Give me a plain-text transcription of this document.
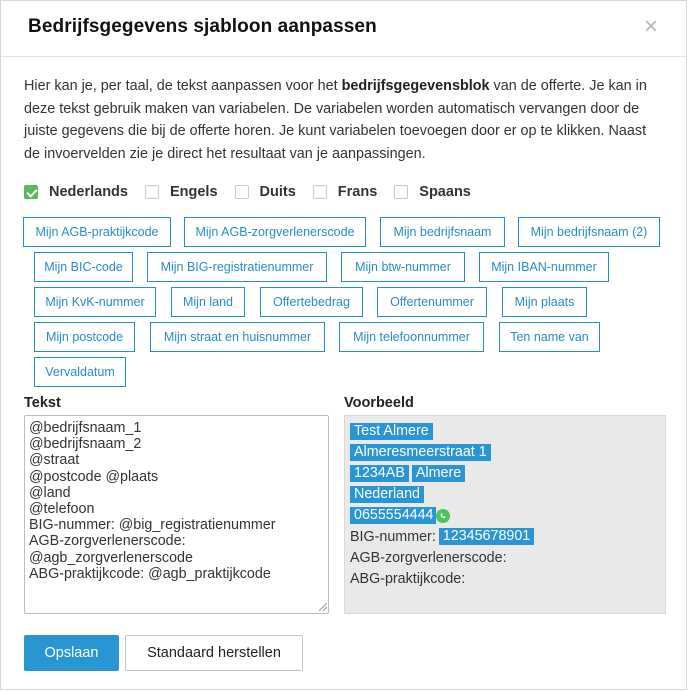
Bedrijfsgegevens sjabloon aanpassen	×
Hier kan je, per taal, de tekst aanpassen voor het bedrijfsgegevensblok van de offerte. Je kan in deze tekst gebruik maken van variabelen. De variabelen worden automatisch vervangen door de juiste gegevens die bij de offerte horen. Je kunt variabelen toevoegen door er op te klikken. Naast de invoervelden zie je direct het resultaat van je aanpassingen.
Nederlands	Engels	Duits	Frans	Spaans
Mijn AGB-praktijkcode	Mijn AGB-zorgverlenerscode	Mijn bedrijfsnaam	Mijn bedrijfsnaam (2)
Mijn BIC-code	Mijn BIG-registratienummer	Mijn btw-nummer	Mijn IBAN-nummer
Mijn KvK-nummer	Mijn land	Offertebedrag	Offertenummer	Mijn plaats
Mijn postcode	Mijn straat en huisnummer	Mijn telefoonnummer	Ten name van
Vervaldatum
Tekst
@bedrijfsnaam_1 @bedrijfsnaam_2 @straat @postcode @plaats @land @telefoon BIG-nummer: @big_registratienummer AGB-zorgverlenerscode: @agb_zorgverlenerscode ABG-praktijkcode: @agb_praktijkcode	Voorbeeld
Test Almere
Almeresmeerstraat 1
1234AB Almere
Nederland
0655554444
BIG-nummer: 12345678901
AGB-zorgverlenerscode:
ABG-praktijkcode:
Opslaan	Standaard herstellen
